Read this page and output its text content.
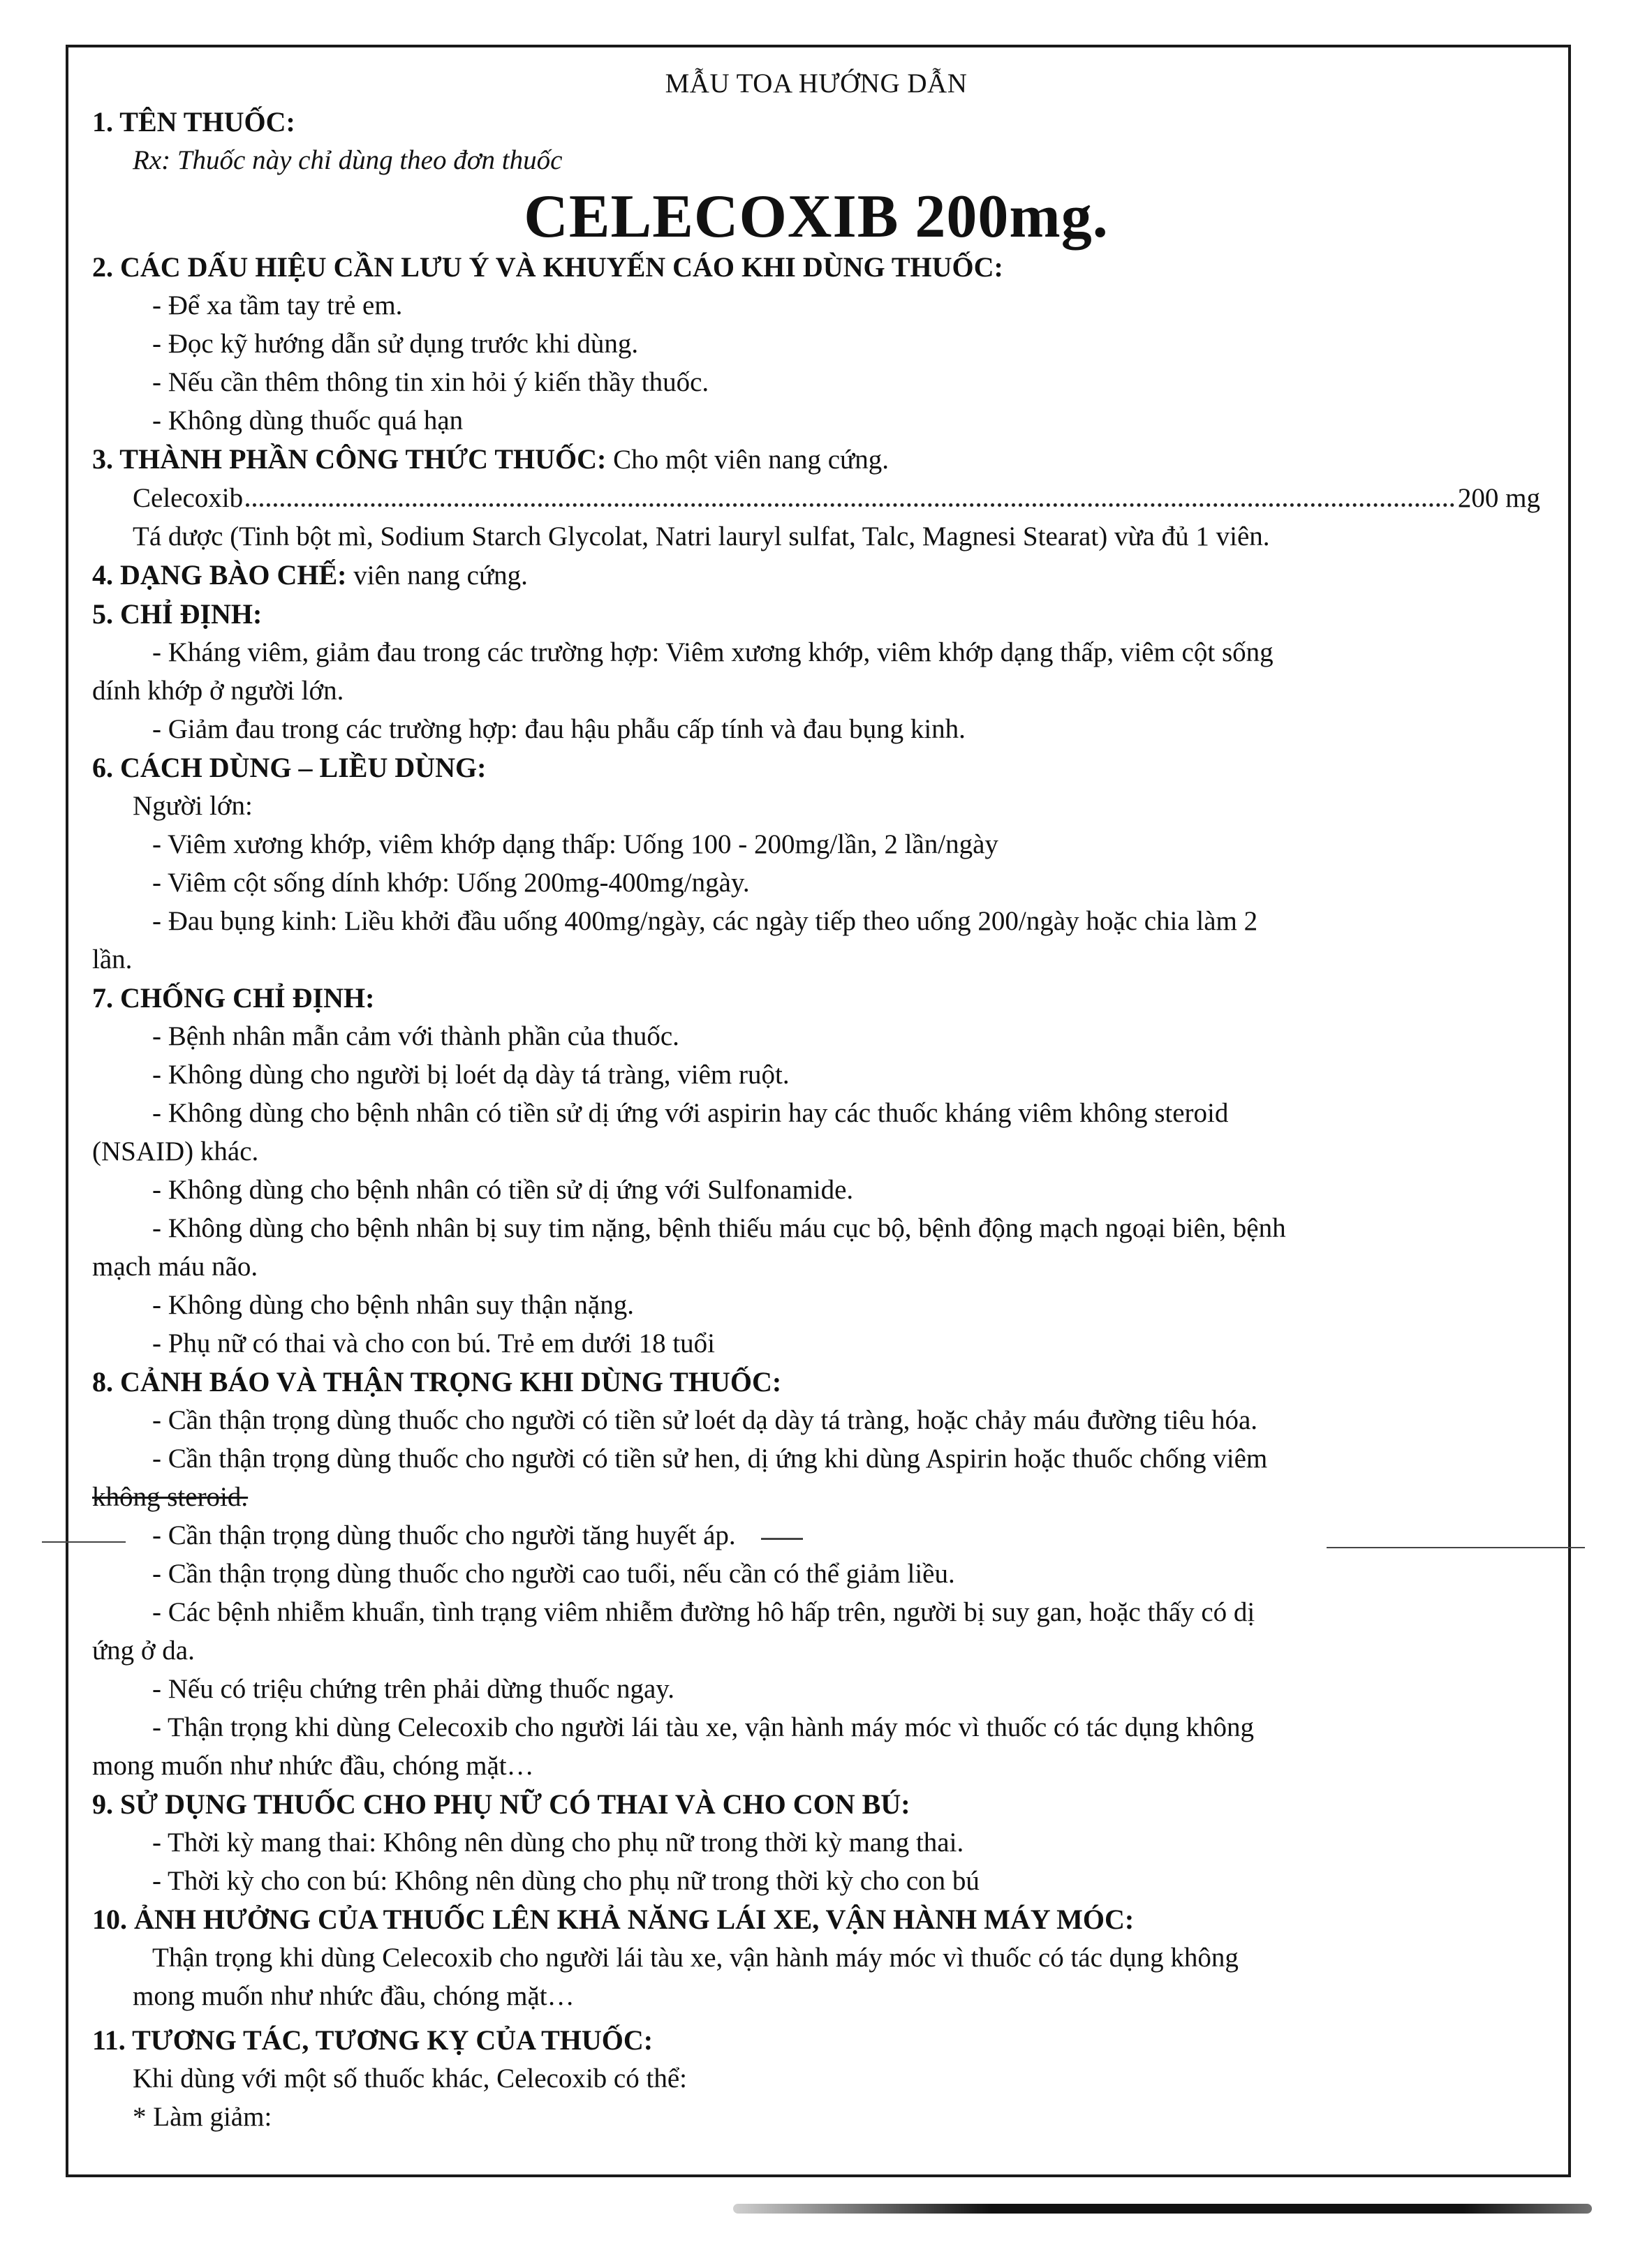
MẪU TOA HƯỚNG DẪN

1. TÊN THUỐC:

Rx: Thuốc này chỉ dùng theo đơn thuốc

CELECOXIB 200mg.

2. CÁC DẤU HIỆU CẦN LƯU Ý VÀ KHUYẾN CÁO KHI DÙNG THUỐC:

- Để xa tầm tay trẻ em.

- Đọc kỹ hướng dẫn sử dụng trước khi dùng.

- Nếu cần thêm thông tin xin hỏi ý kiến thầy thuốc.

- Không dùng thuốc quá hạn

3. THÀNH PHẦN CÔNG THỨC THUỐC: Cho một viên nang cứng.

Celecoxib	200 mg

Tá dược (Tinh bột mì, Sodium Starch Glycolat, Natri lauryl sulfat, Talc, Magnesi Stearat) vừa đủ 1 viên.

4. DẠNG BÀO CHẾ: viên nang cứng.

5. CHỈ ĐỊNH:

- Kháng viêm, giảm đau trong các trường hợp: Viêm xương khớp, viêm khớp dạng thấp, viêm cột sống

dính khớp ở người lớn.

- Giảm đau trong các trường hợp: đau hậu phẫu cấp tính và đau bụng kinh.

6. CÁCH DÙNG – LIỀU DÙNG:

Người lớn:

- Viêm xương khớp, viêm khớp dạng thấp: Uống 100 - 200mg/lần, 2 lần/ngày

- Viêm cột sống dính khớp: Uống 200mg-400mg/ngày.

- Đau bụng kinh: Liều khởi đầu uống 400mg/ngày, các ngày tiếp theo uống 200/ngày hoặc chia làm 2

lần.

7. CHỐNG CHỈ ĐỊNH:

- Bệnh nhân mẫn cảm với thành phần của thuốc.

- Không dùng cho người bị loét dạ dày tá tràng, viêm ruột.

- Không dùng cho bệnh nhân có tiền sử dị ứng với aspirin hay các thuốc kháng viêm không steroid

(NSAID) khác.

- Không dùng cho bệnh nhân có tiền sử dị ứng với Sulfonamide.

- Không dùng cho bệnh nhân bị suy tim nặng, bệnh thiếu máu cục bộ, bệnh động mạch ngoại biên, bệnh

mạch máu não.

- Không dùng cho bệnh nhân suy thận nặng.

- Phụ nữ có thai và cho con bú. Trẻ em dưới 18 tuổi

8. CẢNH BÁO VÀ THẬN TRỌNG KHI DÙNG THUỐC:

- Cần thận trọng dùng thuốc cho người có tiền sử loét dạ dày tá tràng, hoặc chảy máu đường tiêu hóa.

- Cần thận trọng dùng thuốc cho người có tiền sử hen, dị ứng khi dùng Aspirin hoặc thuốc chống viêm

không steroid.

- Cần thận trọng dùng thuốc cho người tăng huyết áp.

- Cần thận trọng dùng thuốc cho người cao tuổi, nếu cần có thể giảm liều.

- Các bệnh nhiễm khuẩn, tình trạng viêm nhiễm đường hô hấp trên, người bị suy gan, hoặc thấy có dị

ứng ở da.

- Nếu có triệu chứng trên phải dừng thuốc ngay.

- Thận trọng khi dùng Celecoxib cho người lái tàu xe, vận hành máy móc vì thuốc có tác dụng không

mong muốn như nhức đầu, chóng mặt…

9. SỬ DỤNG THUỐC CHO PHỤ NỮ CÓ THAI VÀ CHO CON BÚ:

- Thời kỳ mang thai: Không nên dùng cho phụ nữ trong thời kỳ mang thai.

- Thời kỳ cho con bú: Không nên dùng cho phụ nữ trong thời kỳ cho con bú

10. ẢNH HƯỞNG CỦA THUỐC LÊN KHẢ NĂNG LÁI XE, VẬN HÀNH MÁY MÓC:

Thận trọng khi dùng Celecoxib cho người lái tàu xe, vận hành máy móc vì thuốc có tác dụng không

mong muốn như nhức đầu, chóng mặt…

11. TƯƠNG TÁC, TƯƠNG KỴ CỦA THUỐC:

Khi dùng với một số thuốc khác, Celecoxib có thể:

* Làm giảm:
